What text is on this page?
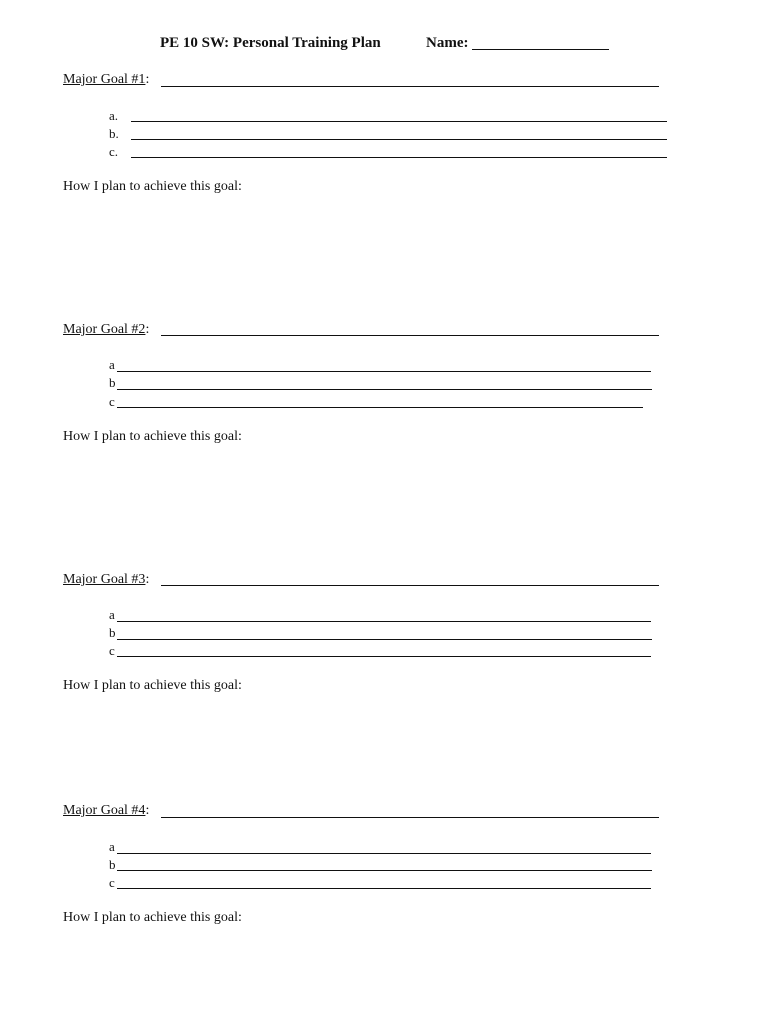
PE 10 SW: Personal Training Plan	Name:
Major Goal #1:
a.
b.
c.
How I plan to achieve this goal:
Major Goal #2:
a
b
c
How I plan to achieve this goal:
Major Goal #3:
a
b
c
How I plan to achieve this goal:
Major Goal #4:
a
b
c
How I plan to achieve this goal:
